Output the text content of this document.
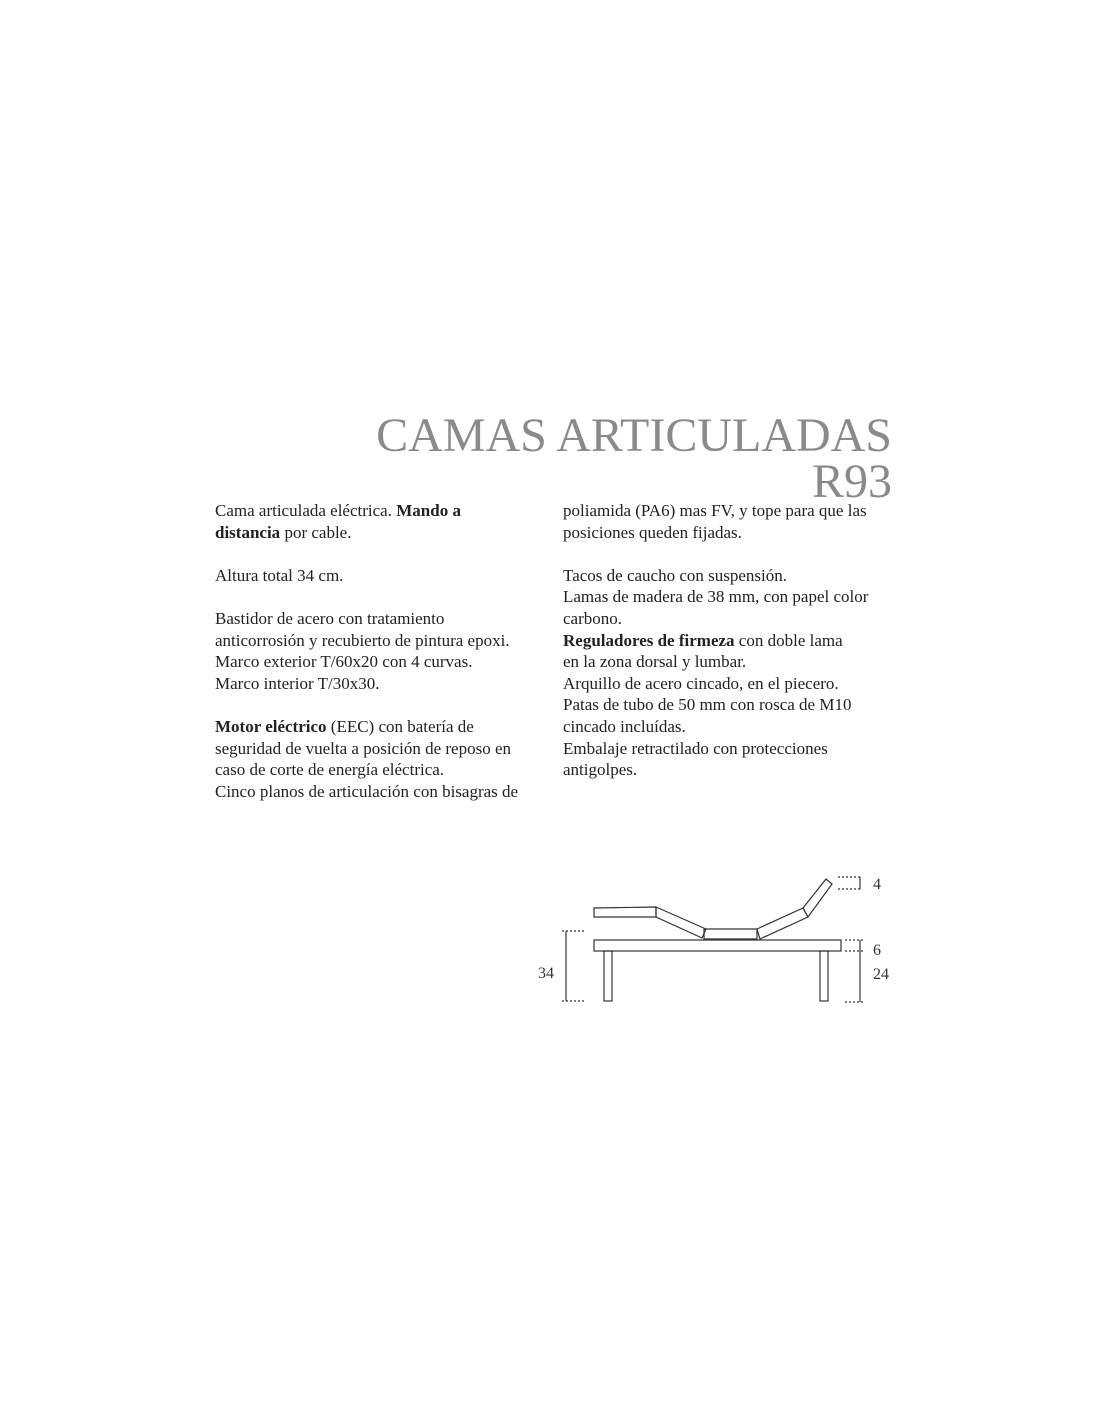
CAMAS ARTICULADAS
R93

Cama articulada eléctrica. Mando a
distancia por cable.

Altura total 34 cm.

Bastidor de acero con tratamiento
anticorrosión y recubierto de pintura epoxi.
Marco exterior T/60x20 con 4 curvas.
Marco interior T/30x30.

Motor eléctrico (EEC) con batería de
seguridad de vuelta a posición de reposo en
caso de corte de energía eléctrica.
Cinco planos de articulación con bisagras de

poliamida (PA6) mas FV, y tope para que las
posiciones queden fijadas.

Tacos de caucho con suspensión.
Lamas de madera de 38 mm, con papel color
carbono.
Reguladores de firmeza con doble lama
en la zona dorsal y lumbar.
Arquillo de acero cincado, en el piecero.
Patas de tubo de 50 mm con rosca de M10
cincado incluídas.
Embalaje retractilado con protecciones
antigolpes.

34
4
6
24
